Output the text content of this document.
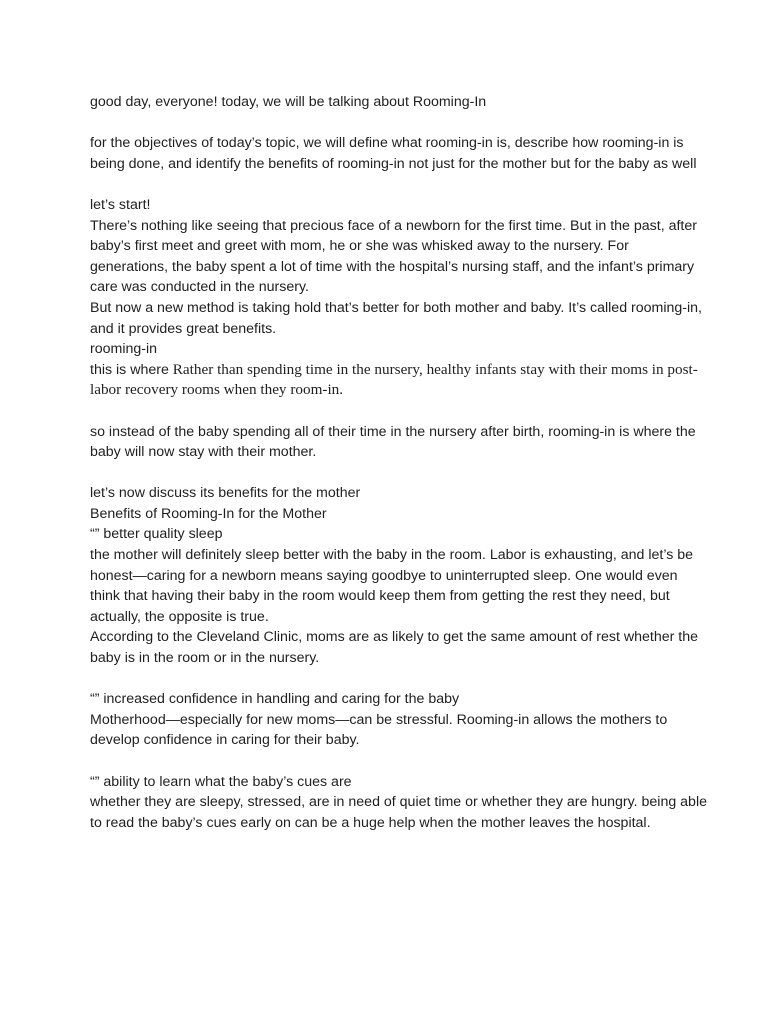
good day, everyone! today, we will be talking about Rooming-In

for the objectives of today’s topic, we will define what rooming-in is, describe how rooming-in is being done, and identify the benefits of rooming-in not just for the mother but for the baby as well

let’s start!

There’s nothing like seeing that precious face of a newborn for the first time. But in the past, after baby’s first meet and greet with mom, he or she was whisked away to the nursery. For generations, the baby spent a lot of time with the hospital’s nursing staff, and the infant’s primary care was conducted in the nursery.

But now a new method is taking hold that’s better for both mother and baby. It’s called rooming-in, and it provides great benefits.

rooming-in

this is where Rather than spending time in the nursery, healthy infants stay with their moms in post-labor recovery rooms when they room-in.

so instead of the baby spending all of their time in the nursery after birth, rooming-in is where the baby will now stay with their mother.

let’s now discuss its benefits for the mother

Benefits of Rooming-In for the Mother

“” better quality sleep

the mother will definitely sleep better with the baby in the room. Labor is exhausting, and let’s be honest—caring for a newborn means saying goodbye to uninterrupted sleep. One would even think that having their baby in the room would keep them from getting the rest they need, but actually, the opposite is true.

According to the Cleveland Clinic, moms are as likely to get the same amount of rest whether the baby is in the room or in the nursery.

“” increased confidence in handling and caring for the baby

Motherhood—especially for new moms—can be stressful. Rooming-in allows the mothers to develop confidence in caring for their baby.

“” ability to learn what the baby’s cues are

whether they are sleepy, stressed, are in need of quiet time or whether they are hungry. being able to read the baby’s cues early on can be a huge help when the mother leaves the hospital.
